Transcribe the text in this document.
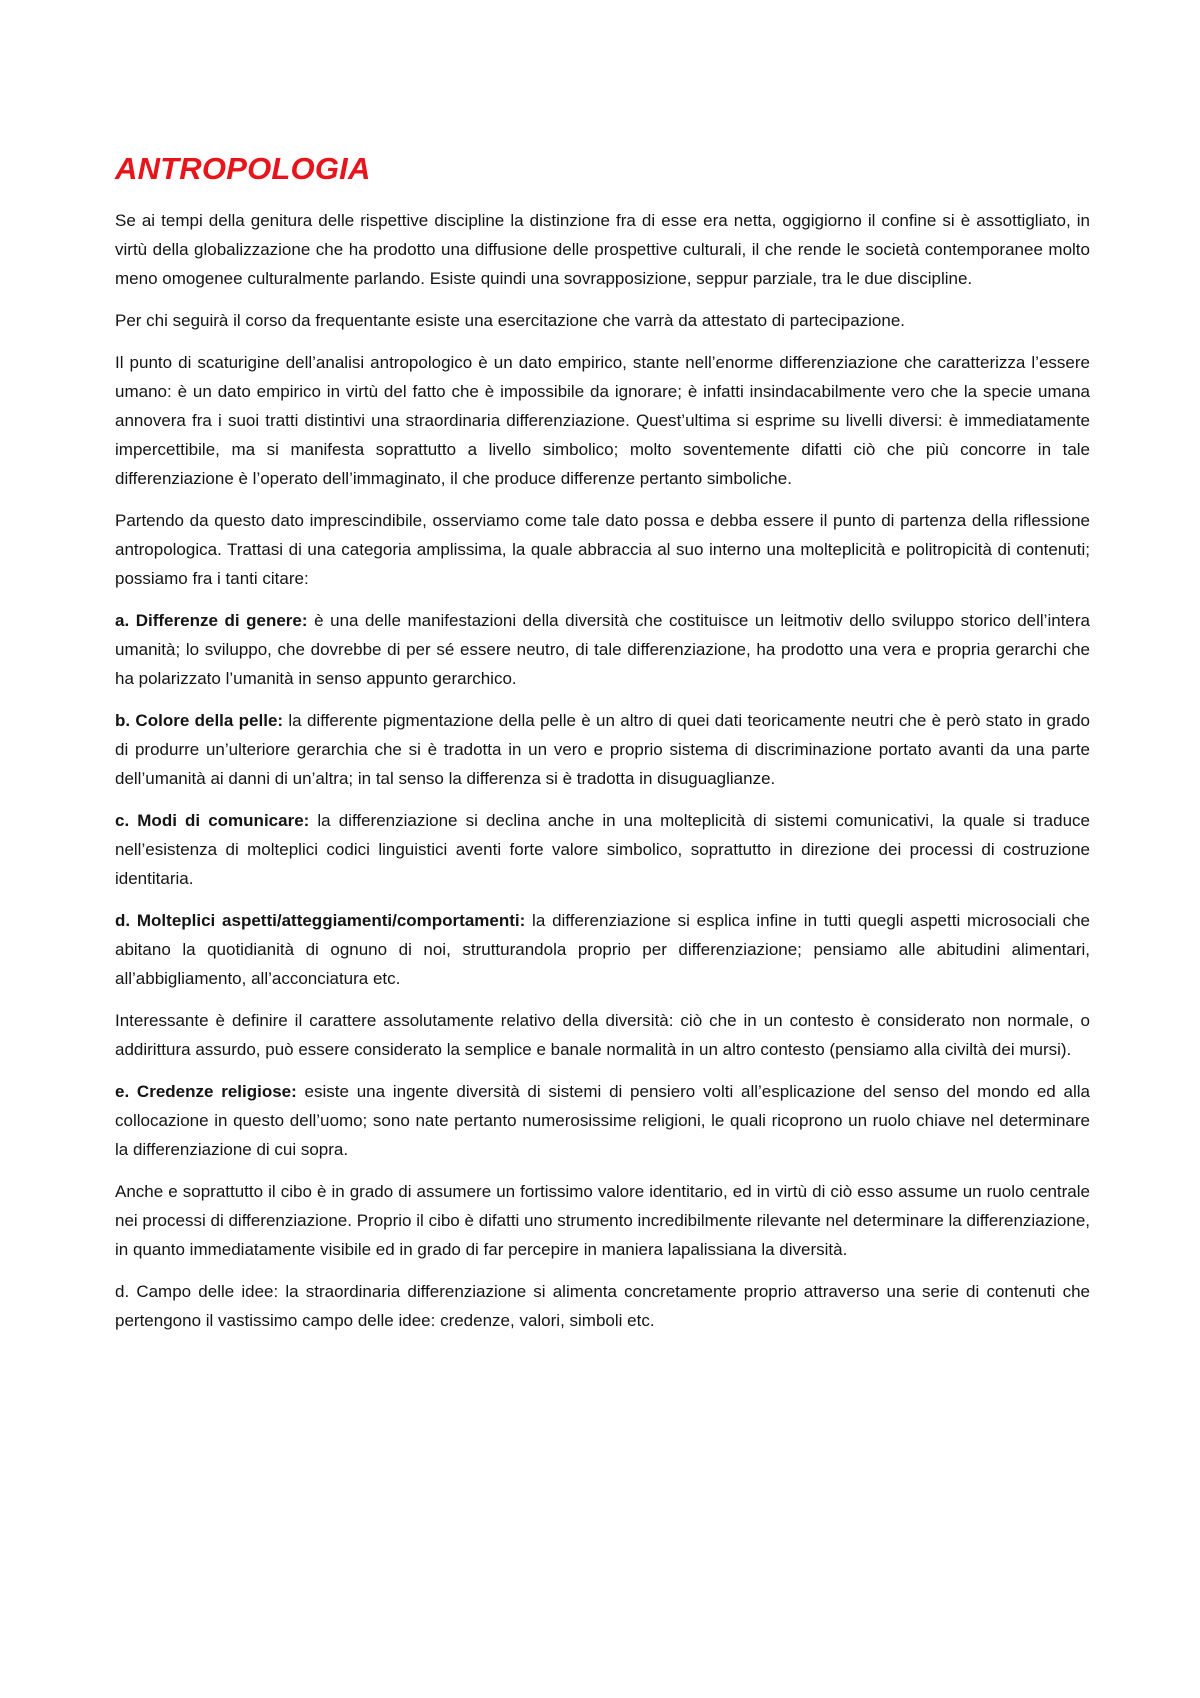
ANTROPOLOGIA

Se ai tempi della genitura delle rispettive discipline la distinzione fra di esse era netta, oggigiorno il confine si è assottigliato, in virtù della globalizzazione che ha prodotto una diffusione delle prospettive culturali, il che rende le società contemporanee molto meno omogenee culturalmente parlando. Esiste quindi una sovrapposizione, seppur parziale, tra le due discipline.

Per chi seguirà il corso da frequentante esiste una esercitazione che varrà da attestato di partecipazione.

Il punto di scaturigine dell’analisi antropologico è un dato empirico, stante nell’enorme differenziazione che caratterizza l’essere umano: è un dato empirico in virtù del fatto che è impossibile da ignorare; è infatti insindacabilmente vero che la specie umana annovera fra i suoi tratti distintivi una straordinaria differenziazione. Quest’ultima si esprime su livelli diversi: è immediatamente impercettibile, ma si manifesta soprattutto a livello simbolico; molto soventemente difatti ciò che più concorre in tale differenziazione è l’operato dell’immaginato, il che produce differenze pertanto simboliche.

Partendo da questo dato imprescindibile, osserviamo come tale dato possa e debba essere il punto di partenza della riflessione antropologica. Trattasi di una categoria amplissima, la quale abbraccia al suo interno una molteplicità e politropicità di contenuti; possiamo fra i tanti citare:

a. Differenze di genere: è una delle manifestazioni della diversità che costituisce un leitmotiv dello sviluppo storico dell’intera umanità; lo sviluppo, che dovrebbe di per sé essere neutro, di tale differenziazione, ha prodotto una vera e propria gerarchi che ha polarizzato l’umanità in senso appunto gerarchico.

b. Colore della pelle: la differente pigmentazione della pelle è un altro di quei dati teoricamente neutri che è però stato in grado di produrre un’ulteriore gerarchia che si è tradotta in un vero e proprio sistema di discriminazione portato avanti da una parte dell’umanità ai danni di un’altra; in tal senso la differenza si è tradotta in disuguaglianze.

c. Modi di comunicare: la differenziazione si declina anche in una molteplicità di sistemi comunicativi, la quale si traduce nell’esistenza di molteplici codici linguistici aventi forte valore simbolico, soprattutto in direzione dei processi di costruzione identitaria.

d. Molteplici aspetti/atteggiamenti/comportamenti: la differenziazione si esplica infine in tutti quegli aspetti microsociali che abitano la quotidianità di ognuno di noi, strutturandola proprio per differenziazione; pensiamo alle abitudini alimentari, all’abbigliamento, all’acconciatura etc.

Interessante è definire il carattere assolutamente relativo della diversità: ciò che in un contesto è considerato non normale, o addirittura assurdo, può essere considerato la semplice e banale normalità in un altro contesto (pensiamo alla civiltà dei mursi).

e. Credenze religiose: esiste una ingente diversità di sistemi di pensiero volti all’esplicazione del senso del mondo ed alla collocazione in questo dell’uomo; sono nate pertanto numerosissime religioni, le quali ricoprono un ruolo chiave nel determinare la differenziazione di cui sopra.

Anche e soprattutto il cibo è in grado di assumere un fortissimo valore identitario, ed in virtù di ciò esso assume un ruolo centrale nei processi di differenziazione. Proprio il cibo è difatti uno strumento incredibilmente rilevante nel determinare la differenziazione, in quanto immediatamente visibile ed in grado di far percepire in maniera lapalissiana la diversità.

d. Campo delle idee: la straordinaria differenziazione si alimenta concretamente proprio attraverso una serie di contenuti che pertengono il vastissimo campo delle idee: credenze, valori, simboli etc.
